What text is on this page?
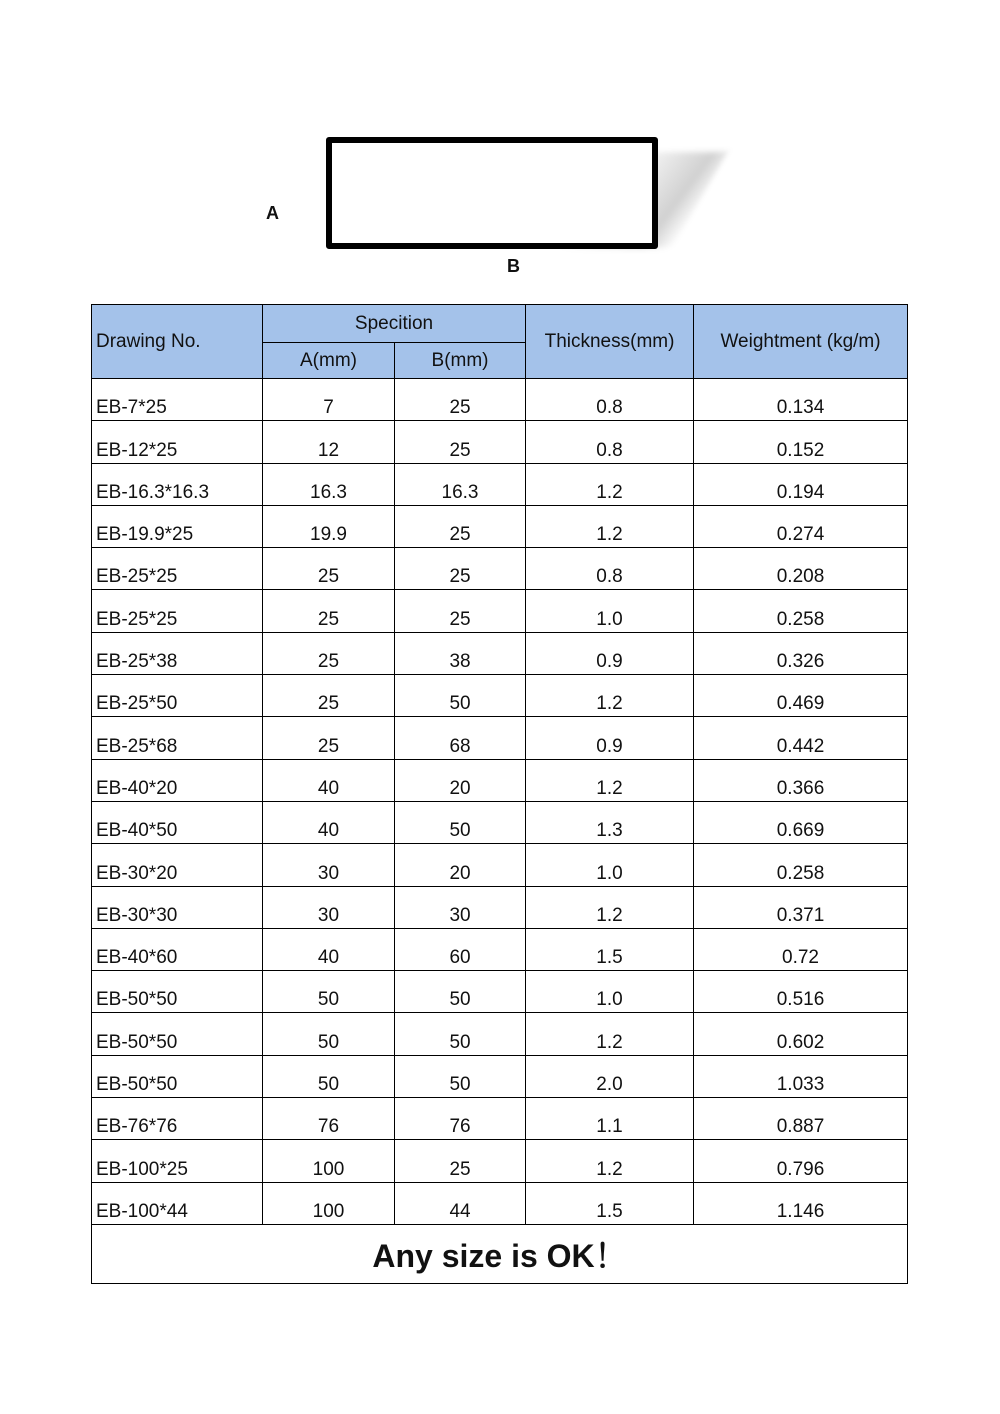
A
B
Drawing No.	Specition		Thickness(mm)	Weightment (kg/m)
	A(mm)	B(mm)		
EB-7*25	7	25	0.8	0.134
EB-12*25	12	25	0.8	0.152
EB-16.3*16.3	16.3	16.3	1.2	0.194
EB-19.9*25	19.9	25	1.2	0.274
EB-25*25	25	25	0.8	0.208
EB-25*25	25	25	1.0	0.258
EB-25*38	25	38	0.9	0.326
EB-25*50	25	50	1.2	0.469
EB-25*68	25	68	0.9	0.442
EB-40*20	40	20	1.2	0.366
EB-40*50	40	50	1.3	0.669
EB-30*20	30	20	1.0	0.258
EB-30*30	30	30	1.2	0.371
EB-40*60	40	60	1.5	0.72
EB-50*50	50	50	1.0	0.516
EB-50*50	50	50	1.2	0.602
EB-50*50	50	50	2.0	1.033
EB-76*76	76	76	1.1	0.887
EB-100*25	100	25	1.2	0.796
EB-100*44	100	44	1.5	1.146
Any size is OK！				
